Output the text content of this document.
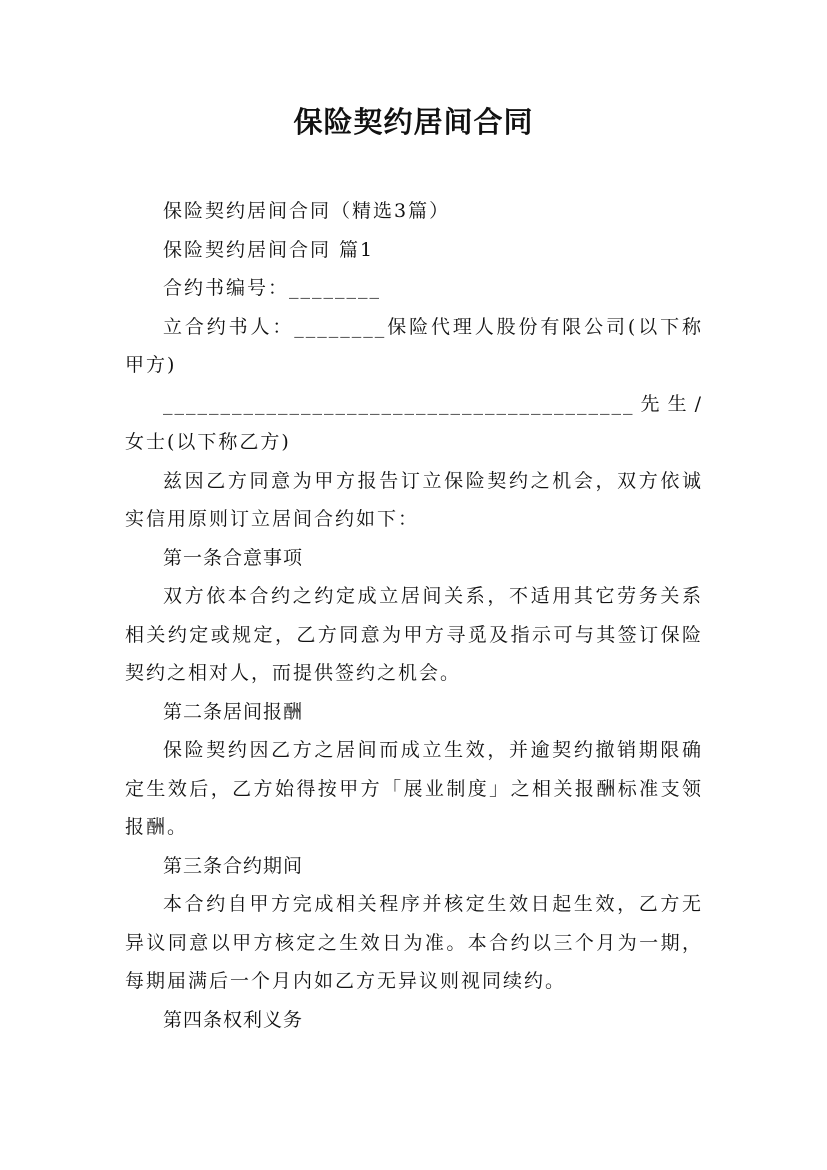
保险契约居间合同

保险契约居间合同（精选3篇）

保险契约居间合同 篇1

合约书编号：________

立合约书人：________保险代理人股份有限公司(以下称甲方)

_________________________________________先生/女士(以下称乙方)

兹因乙方同意为甲方报告订立保险契约之机会，双方依诚实信用原则订立居间合约如下：

第一条合意事项

双方依本合约之约定成立居间关系，不适用其它劳务关系相关约定或规定，乙方同意为甲方寻觅及指示可与其签订保险契约之相对人，而提供签约之机会。

第二条居间报酬

保险契约因乙方之居间而成立生效，并逾契约撤销期限确定生效后，乙方始得按甲方「展业制度」之相关报酬标准支领报酬。

第三条合约期间

本合约自甲方完成相关程序并核定生效日起生效，乙方无异议同意以甲方核定之生效日为准。本合约以三个月为一期，每期届满后一个月内如乙方无异议则视同续约。

第四条权利义务
